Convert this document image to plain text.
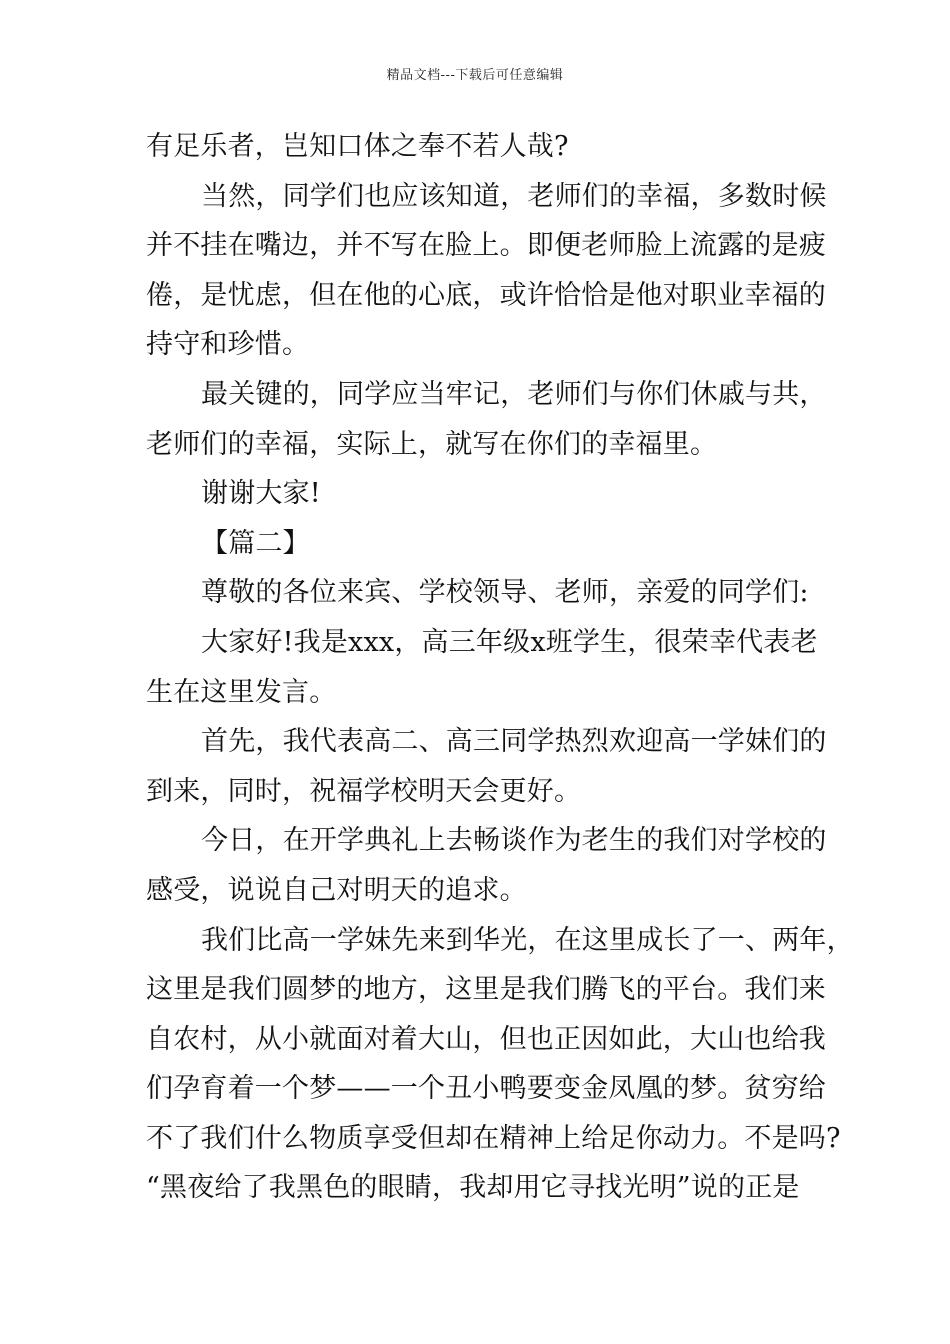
精品文档---下载后可任意编辑
有足乐者，岂知口体之奉不若人哉?
当然，同学们也应该知道，老师们的幸福，多数时候
并不挂在嘴边，并不写在脸上。即便老师脸上流露的是疲
倦，是忧虑，但在他的心底，或许恰恰是他对职业幸福的
持守和珍惜。
最关键的，同学应当牢记，老师们与你们休戚与共，
老师们的幸福，实际上，就写在你们的幸福里。
谢谢大家!
【篇二】
尊敬的各位来宾、学校领导、老师，亲爱的同学们:
大家好!我是xxx，高三年级x班学生，很荣幸代表老
生在这里发言。
首先，我代表高二、高三同学热烈欢迎高一学妹们的
到来，同时，祝福学校明天会更好。
今日，在开学典礼上去畅谈作为老生的我们对学校的
感受，说说自己对明天的追求。
我们比高一学妹先来到华光，在这里成长了一、两年，
这里是我们圆梦的地方，这里是我们腾飞的平台。我们来
自农村，从小就面对着大山，但也正因如此，大山也给我
们孕育着一个梦——一个丑小鸭要变金凤凰的梦。贫穷给
不了我们什么物质享受但却在精神上给足你动力。不是吗?
“黑夜给了我黑色的眼睛，我却用它寻找光明”说的正是
